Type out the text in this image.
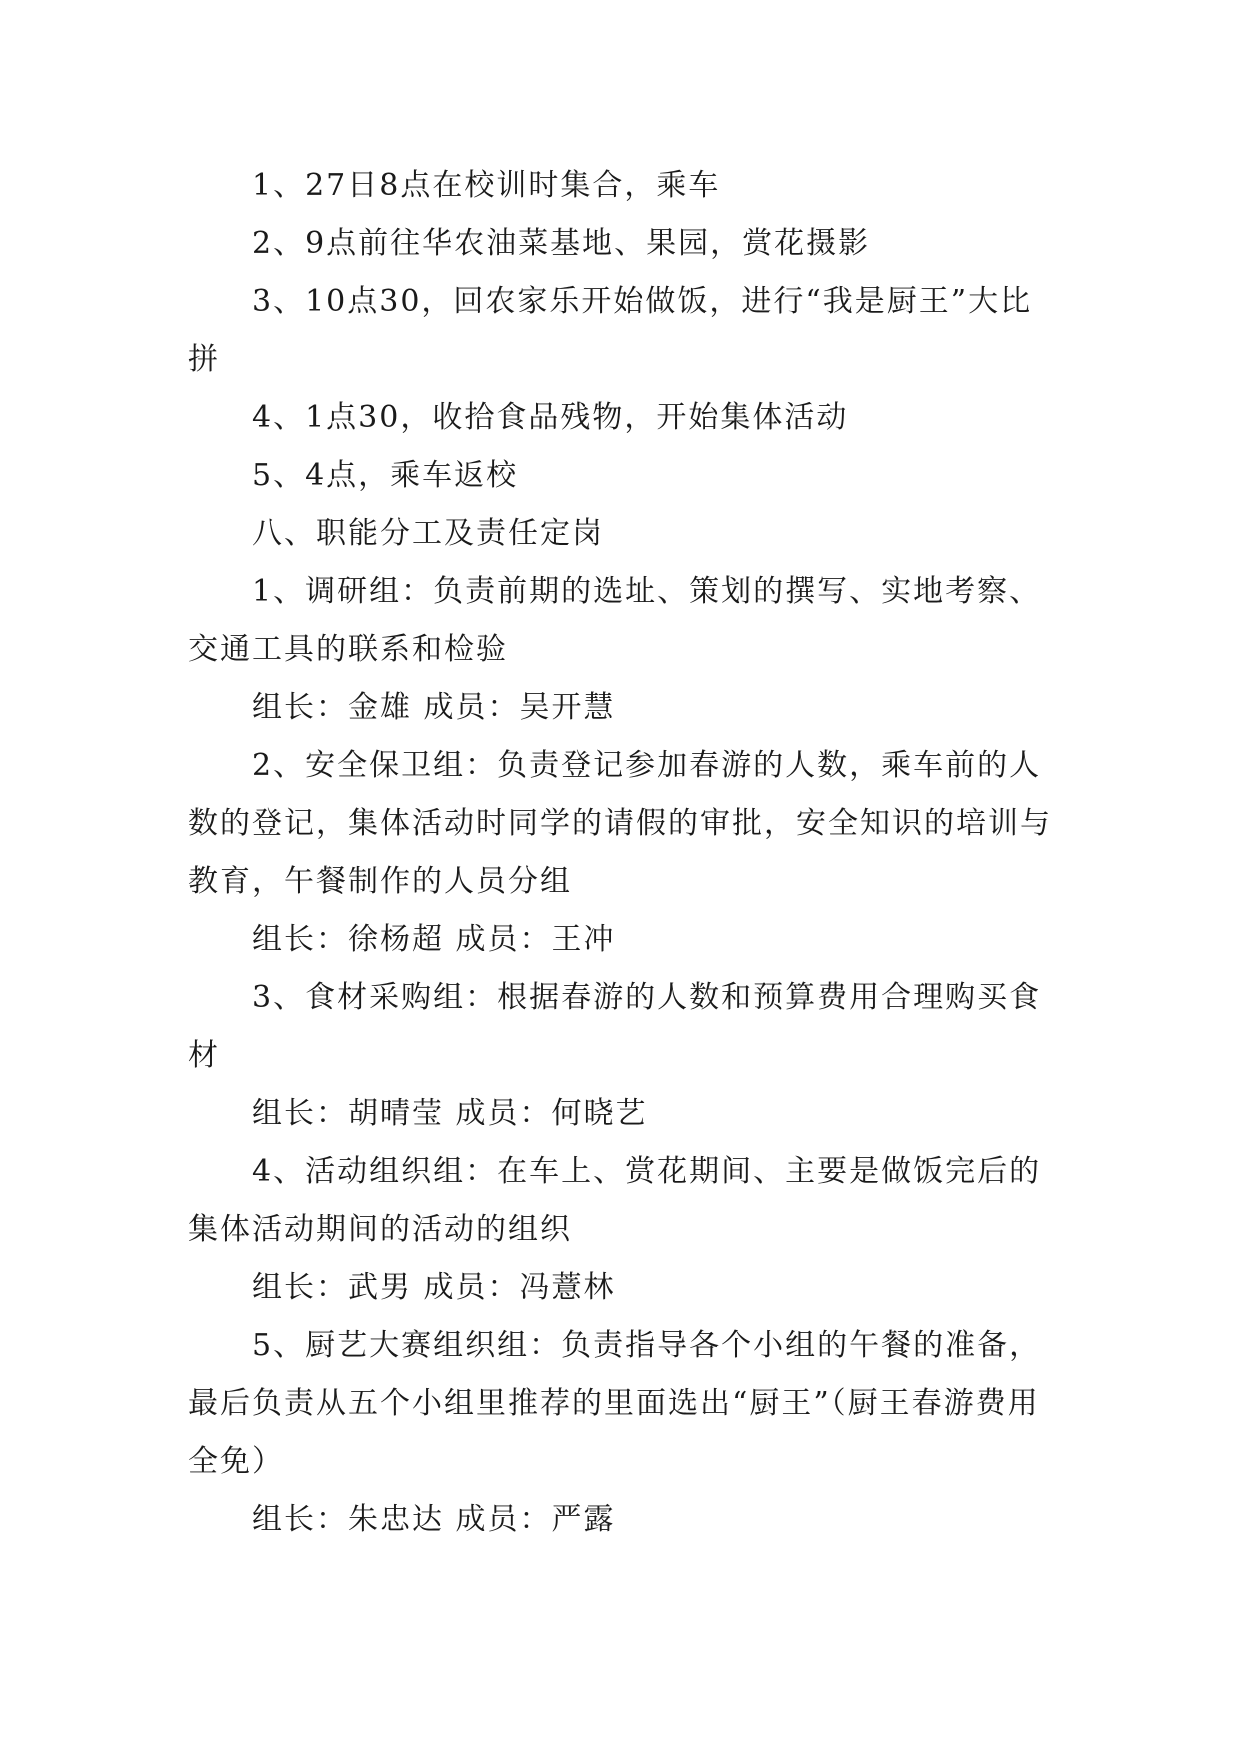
1、27日8点在校训时集合，乘车

2、9点前往华农油菜基地、果园，赏花摄影

3、10点30，回农家乐开始做饭，进行“我是厨王”大比拼

4、1点30，收拾食品残物，开始集体活动

5、4点，乘车返校

八、职能分工及责任定岗

1、调研组：负责前期的选址、策划的撰写、实地考察、交通工具的联系和检验

组长：金雄 成员：吴开慧

2、安全保卫组：负责登记参加春游的人数，乘车前的人数的登记，集体活动时同学的请假的审批，安全知识的培训与教育，午餐制作的人员分组

组长：徐杨超 成员：王冲

3、食材采购组：根据春游的人数和预算费用合理购买食材

组长：胡晴莹 成员：何晓艺

4、活动组织组：在车上、赏花期间、主要是做饭完后的集体活动期间的活动的组织

组长：武男 成员：冯薏林

5、厨艺大赛组织组：负责指导各个小组的午餐的准备，最后负责从五个小组里推荐的里面选出“厨王”（厨王春游费用全免）

组长：朱忠达 成员：严露
